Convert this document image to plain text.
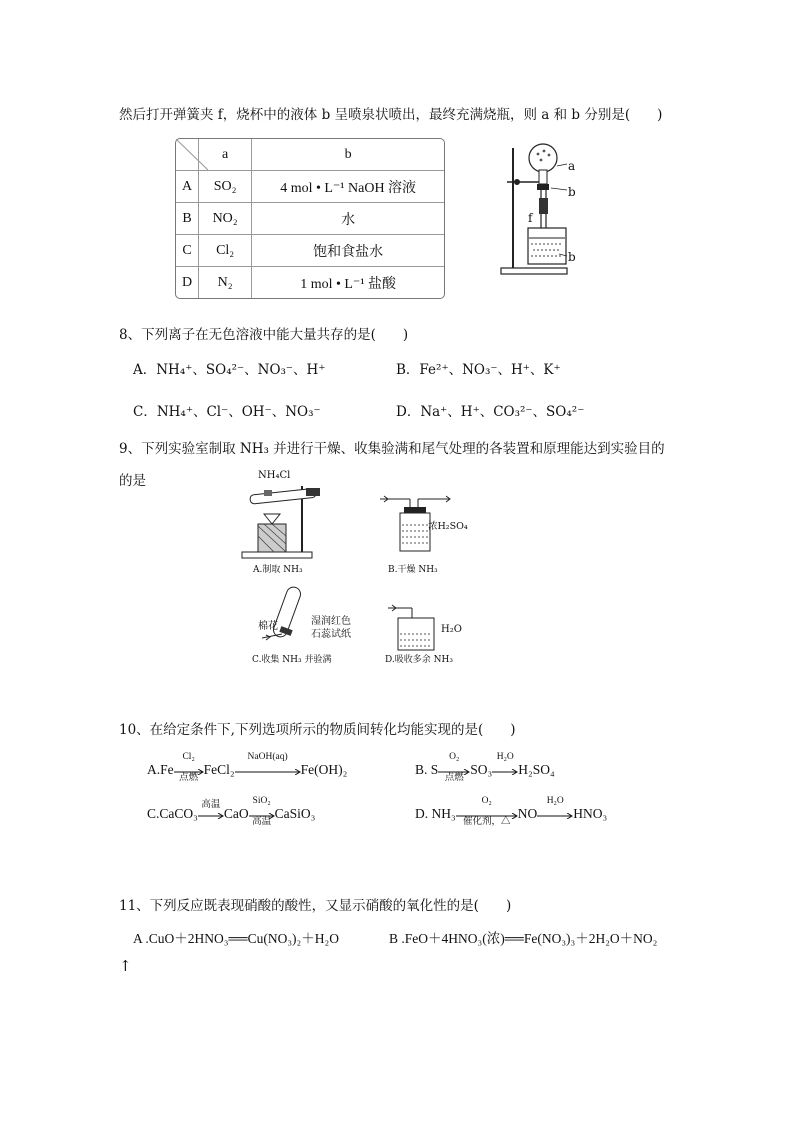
然后打开弹簧夹 f，烧杯中的液体 b 呈喷泉状喷出，最终充满烧瓶，则 a 和 b 分别是(　　)
	a	b
A	SO₂	4 mol • L⁻¹ NaOH 溶液
B	NO₂	水
C	Cl₂	饱和食盐水
D	N₂	1 mol • L⁻¹ 盐酸
a
b
f
b
8、下列离子在无色溶液中能大量共存的是(　　)
A．NH₄⁺、SO₄²⁻、NO₃⁻、H⁺	B．Fe²⁺、NO₃⁻、H⁺、K⁺
C．NH₄⁺、Cl⁻、OH⁻、NO₃⁻	D．Na⁺、H⁺、CO₃²⁻、SO₄²⁻
9、下列实验室制取 NH₃ 并进行干燥、收集验满和尾气处理的各装置和原理能达到实验目的
的是	NH₄Cl
A.制取 NH₃
浓H₂SO₄
B.干燥 NH₃
棉花	湿润红色
石蕊试纸
C.收集 NH₃ 并验满
H₂O
D.吸收多余 NH₃
10、在给定条件下,下列选项所示的物质间转化均能实现的是(　　)
A.Fe
Cl₂
点燃
FeCl₂
NaOH(aq)
Fe(OH)₂	B. S
O₂
点燃
SO₃
H₂O
H₂SO₄
C.CaCO₃
高温
CaO
SiO₂
高温
CaSiO₃	D. NH₃
O₂
催化剂，△
NO
H₂O
HNO₃
11、下列反应既表现硝酸的酸性，又显示硝酸的氧化性的是(　　)
A .CuO＋2HNO₃══Cu(NO₃)₂＋H₂O	B .FeO＋4HNO₃(浓)══Fe(NO₃)₃＋2H₂O＋NO₂
↑
